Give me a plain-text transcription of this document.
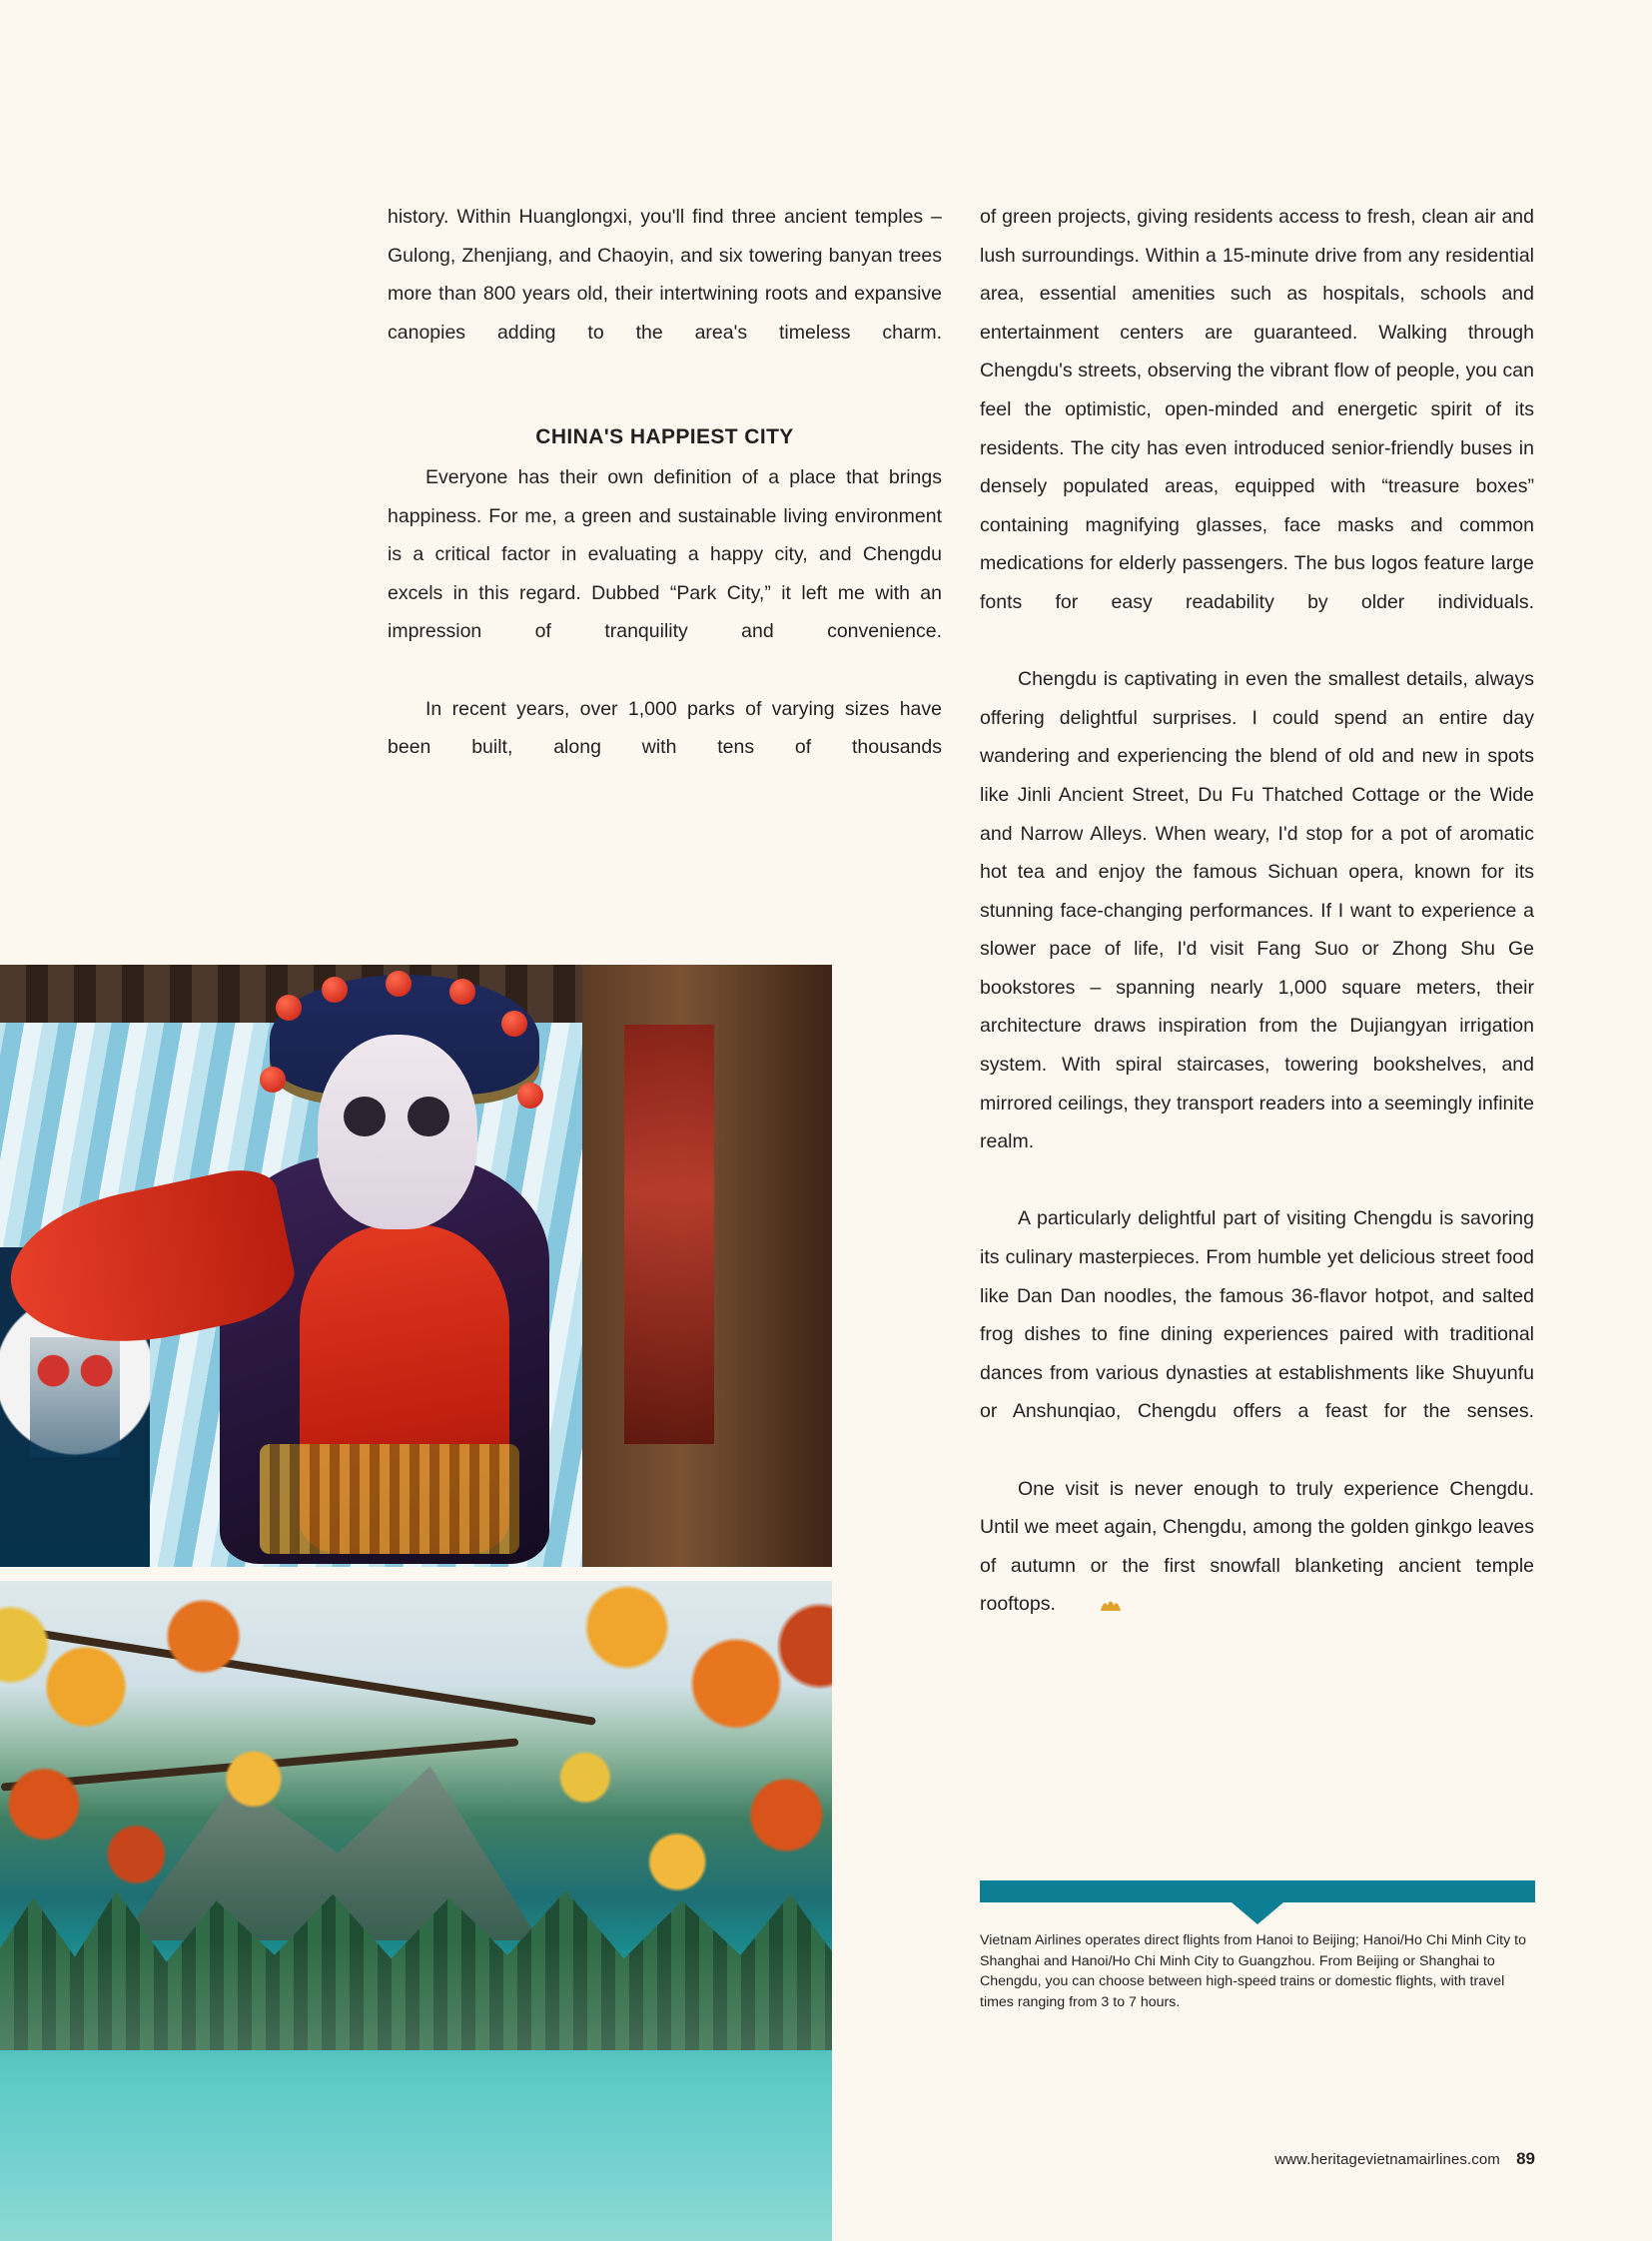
history. Within Huanglongxi, you'll find three ancient temples – Gulong, Zhenjiang, and Chaoyin, and six towering banyan trees more than 800 years old, their intertwining roots and expansive canopies adding to the area's timeless charm.

CHINA'S HAPPIEST CITY

Everyone has their own definition of a place that brings happiness. For me, a green and sustainable living environment is a critical factor in evaluating a happy city, and Chengdu excels in this regard. Dubbed “Park City,” it left me with an impression of tranquility and convenience.

In recent years, over 1,000 parks of varying sizes have been built, along with tens of thousands

of green projects, giving residents access to fresh, clean air and lush surroundings. Within a 15-minute drive from any residential area, essential amenities such as hospitals, schools and entertainment centers are guaranteed. Walking through Chengdu's streets, observing the vibrant flow of people, you can feel the optimistic, open-minded and energetic spirit of its residents. The city has even introduced senior-friendly buses in densely populated areas, equipped with “treasure boxes” containing magnifying glasses, face masks and common medications for elderly passengers. The bus logos feature large fonts for easy readability by older individuals.

Chengdu is captivating in even the smallest details, always offering delightful surprises. I could spend an entire day wandering and experiencing the blend of old and new in spots like Jinli Ancient Street, Du Fu Thatched Cottage or the Wide and Narrow Alleys. When weary, I'd stop for a pot of aromatic hot tea and enjoy the famous Sichuan opera, known for its stunning face-changing performances. If I want to experience a slower pace of life, I'd visit Fang Suo or Zhong Shu Ge bookstores – spanning nearly 1,000 square meters, their architecture draws inspiration from the Dujiangyan irrigation system. With spiral staircases, towering bookshelves, and mirrored ceilings, they transport readers into a seemingly infinite realm.

A particularly delightful part of visiting Chengdu is savoring its culinary masterpieces. From humble yet delicious street food like Dan Dan noodles, the famous 36-flavor hotpot, and salted frog dishes to fine dining experiences paired with traditional dances from various dynasties at establishments like Shuyunfu or Anshunqiao, Chengdu offers a feast for the senses.

One visit is never enough to truly experience Chengdu. Until we meet again, Chengdu, among the golden ginkgo leaves of autumn or the first snowfall blanketing ancient temple rooftops.

Vietnam Airlines operates direct flights from Hanoi to Beijing; Hanoi/Ho Chi Minh City to Shanghai and Hanoi/Ho Chi Minh City to Guangzhou. From Beijing or Shanghai to Chengdu, you can choose between high-speed trains or domestic flights, with travel times ranging from 3 to 7 hours.
www.heritagevietnamairlines.com 89
